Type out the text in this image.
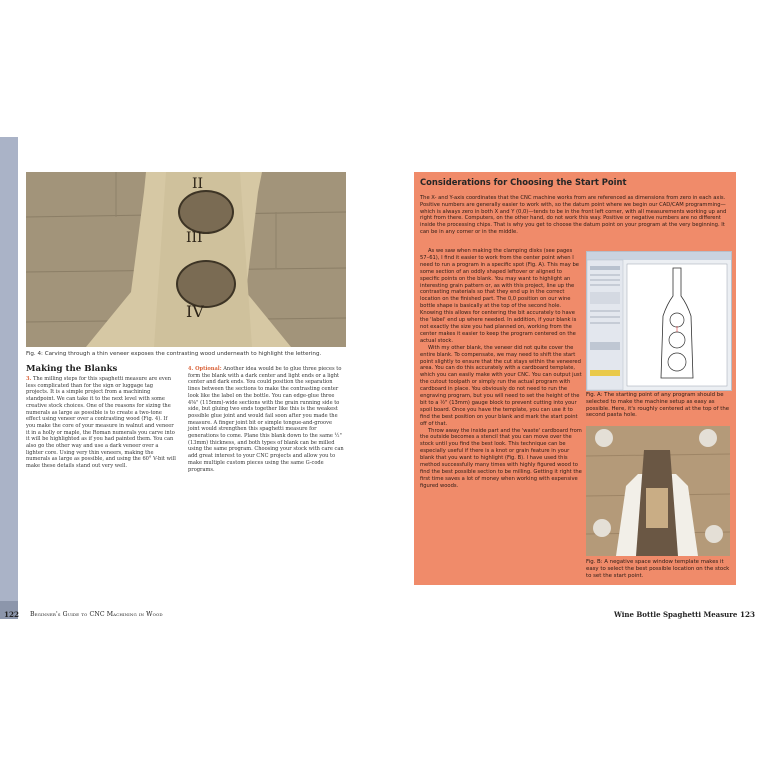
II
III
IV
Fig. 4: Carving through a thin veneer exposes the contrasting wood underneath to highlight the lettering.
Making the Blanks

3. The milling steps for this spaghetti measure are even less complicated than for the sign or luggage tag projects. It is a simple project from a machining standpoint. We can take it to the next level with some creative stock choices. One of the reasons for sizing the numerals as large as possible is to create a two-tone effect using veneer over a contrasting wood (Fig. 4). If you make the core of your measure in walnut and veneer it in a holly or maple, the Roman numerals you carve into it will be highlighted as if you had painted them. You can also go the other way and use a dark veneer over a lighter core. Using very thin veneers, making the numerals as large as possible, and using the 60° V-bit will make these details stand out very well.

4. Optional: Another idea would be to glue three pieces to form the blank with a dark center and light ends or a light center and dark ends. You could position the separation lines between the sections to make the contrasting center look like the label on the bottle. You can edge-glue three 4⅝" (115mm)-wide sections with the grain running side to side, but gluing two ends together like this is the weakest possible glue joint and would fail soon after you made the measure. A finger joint bit or simple tongue-and-groove joint would strengthen this spaghetti measure for generations to come. Plane this blank down to the same ½" (13mm) thickness, and both types of blank can be milled using the same program. Choosing your stock with care can add great interest to your CNC projects and allow you to make multiple custom pieces using the same G-code programs.

122 Beginner's Guide to CNC Machining in Wood
Considerations for Choosing the Start Point
The X- and Y-axis coordinates that the CNC machine works from are referenced as dimensions from zero in each axis. Positive numbers are generally easier to work with, so the datum point where we begin our CAD/CAM programming—which is always zero in both X and Y (0,0)—tends to be in the front left corner, with all measurements working up and right from there. Computers, on the other hand, do not work this way. Positive or negative numbers are no different inside the processing chips. That is why you get to choose the datum point on your program at the very beginning. It can be in any corner or in the middle.

As we saw when making the clamping disks (see pages 57–61), I find it easier to work from the center point when I need to run a program in a specific spot (Fig. A). This may be some section of an oddly shaped leftover or aligned to specific points on the blank. You may want to highlight an interesting grain pattern or, as with this project, line up the contrasting materials so that they end up in the correct location on the finished part. The 0,0 position on our wine bottle shape is basically at the top of the second hole. Knowing this allows for centering the bit accurately to have the 'label' end up where needed. In addition, if your blank is not exactly the size you had planned on, working from the center makes it easier to keep the program centered on the actual stock.

With my other blank, the veneer did not quite cover the entire blank. To compensate, we may need to shift the start point slightly to ensure that the cut stays within the veneered area. You can do this accurately with a cardboard template, which you can easily make with your CNC. You can output just the cutout toolpath or simply run the actual program with cardboard in place. You obviously do not need to run the engraving program, but you will need to set the height of the bit to a ½" (13mm) gauge block to prevent cutting into your spoil board. Once you have the template, you can use it to find the best position on your blank and mark the start point off of that.

Throw away the inside part and the 'waste' cardboard from the outside becomes a stencil that you can move over the stock until you find the best look. This technique can be especially useful if there is a knot or grain feature in your blank that you want to highlight (Fig. B). I have used this method successfully many times with highly figured wood to find the best possible section to be milling. Getting it right the first time saves a lot of money when working with expensive figured woods.

Fig. A: The starting point of any program should be selected to make the machine setup as easy as possible. Here, it's roughly centered at the top of the second pasta hole.
Fig. B: A negative space window template makes it easy to select the best possible location on the stock to set the start point.
Wine Bottle Spaghetti Measure 123
